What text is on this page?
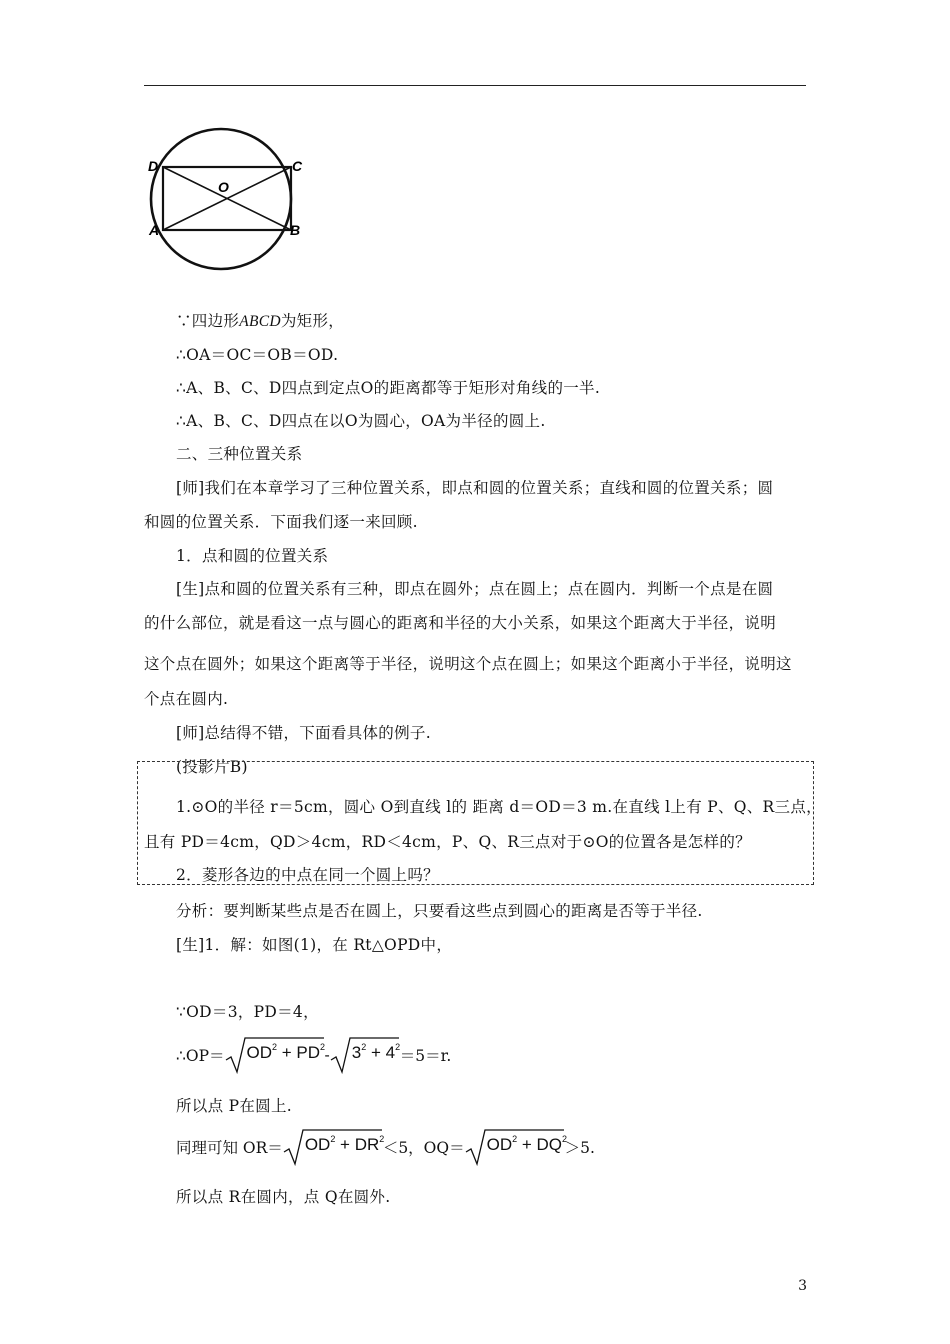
D	C
O
A	B
∵四边形ABCD为矩形，
∴OA＝OC＝OB＝OD.
∴A、B、C、D四点到定点O的距离都等于矩形对角线的一半.
∴A、B、C、D四点在以O为圆心，OA为半径的圆上.
二、三种位置关系
[师]我们在本章学习了三种位置关系，即点和圆的位置关系；直线和圆的位置关系；圆
和圆的位置关系．下面我们逐一来回顾.
1．点和圆的位置关系
[生]点和圆的位置关系有三种，即点在圆外；点在圆上；点在圆内．判断一个点是在圆
的什么部位，就是看这一点与圆心的距离和半径的大小关系，如果这个距离大于半径，说明
这个点在圆外；如果这个距离等于半径，说明这个点在圆上；如果这个距离小于半径，说明这
个点在圆内.
[师]总结得不错，下面看具体的例子.
(投影片B)
1.⊙O的半径 r＝5cm，圆心 O到直线 l的 距离 d＝OD＝3 m.在直线 l上有 P、Q、R三点，
且有 PD＝4cm，QD＞4cm，RD＜4cm，P、Q、R三点对于⊙O的位置各是怎样的？
2．菱形各边的中点在同一个圆上吗？
分析：要判断某些点是否在圆上，只要看这些点到圆心的距离是否等于半径.
[生]1．解：如图(1)，在 Rt△OPD中，
∵OD＝3，PD＝4，
∴OP＝ $OD^2 + PD^2 - 3^2 + 4^2 =5=r$.
所以点 P在圆上.
同理可知 $OR= OD^2 + DR^2$
＜5，$OQ= OD^2 + DQ^2$
＞5.
所以点 R在圆内，点 Q在圆外.
3
